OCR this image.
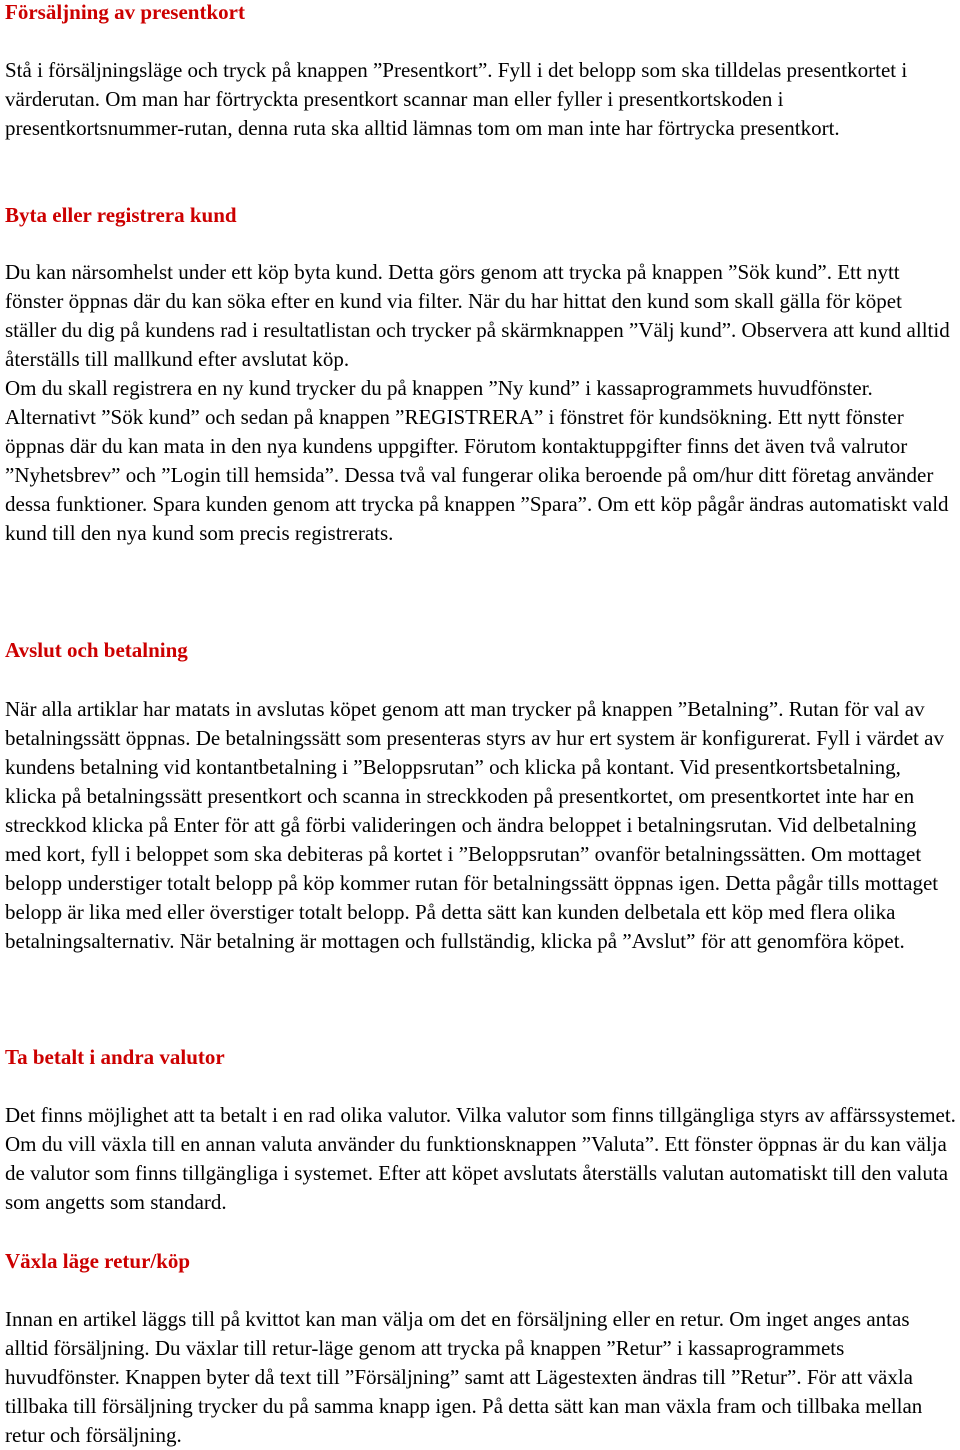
Försäljning av presentkort

Stå i försäljningsläge och tryck på knappen ”Presentkort”. Fyll i det belopp som ska tilldelas presentkortet i värderutan. Om man har förtryckta presentkort scannar man eller fyller i presentkortskoden i presentkortsnummer-rutan, denna ruta ska alltid lämnas tom om man inte har förtrycka presentkort.

Byta eller registrera kund

Du kan närsomhelst under ett köp byta kund. Detta görs genom att trycka på knappen ”Sök kund”. Ett nytt fönster öppnas där du kan söka efter en kund via filter. När du har hittat den kund som skall gälla för köpet ställer du dig på kundens rad i resultatlistan och trycker på skärmknappen ”Välj kund”. Observera att kund alltid återställs till mallkund efter avslutat köp.

Om du skall registrera en ny kund trycker du på knappen ”Ny kund” i kassaprogrammets huvudfönster. Alternativt ”Sök kund” och sedan på knappen ”REGISTRERA” i fönstret för kundsökning. Ett nytt fönster öppnas där du kan mata in den nya kundens uppgifter. Förutom kontaktuppgifter finns det även två valrutor ”Nyhetsbrev” och ”Login till hemsida”. Dessa två val fungerar olika beroende på om/hur ditt företag använder dessa funktioner. Spara kunden genom att trycka på knappen ”Spara”. Om ett köp pågår ändras automatiskt vald kund till den nya kund som precis registrerats.

Avslut och betalning

När alla artiklar har matats in avslutas köpet genom att man trycker på knappen ”Betalning”. Rutan för val av betalningssätt öppnas. De betalningssätt som presenteras styrs av hur ert system är konfigurerat. Fyll i värdet av kundens betalning vid kontantbetalning i ”Beloppsrutan” och klicka på kontant. Vid presentkortsbetalning, klicka på betalningssätt presentkort och scanna in streckkoden på presentkortet, om presentkortet inte har en streckkod klicka på Enter för att gå förbi valideringen och ändra beloppet i betalningsrutan. Vid delbetalning med kort, fyll i beloppet som ska debiteras på kortet i ”Beloppsrutan” ovanför betalningssätten. Om mottaget belopp understiger totalt belopp på köp kommer rutan för betalningssätt öppnas igen. Detta pågår tills mottaget belopp är lika med eller överstiger totalt belopp. På detta sätt kan kunden delbetala ett köp med flera olika betalningsalternativ. När betalning är mottagen och fullständig, klicka på ”Avslut” för att genomföra köpet.

Ta betalt i andra valutor

Det finns möjlighet att ta betalt i en rad olika valutor. Vilka valutor som finns tillgängliga styrs av affärssystemet. Om du vill växla till en annan valuta använder du funktionsknappen ”Valuta”. Ett fönster öppnas är du kan välja de valutor som finns tillgängliga i systemet. Efter att köpet avslutats återställs valutan automatiskt till den valuta som angetts som standard.

Växla läge retur/köp

Innan en artikel läggs till på kvittot kan man välja om det en försäljning eller en retur. Om inget anges antas alltid försäljning. Du växlar till retur-läge genom att trycka på knappen ”Retur” i kassaprogrammets huvudfönster. Knappen byter då text till ”Försäljning” samt att Lägestexten ändras till ”Retur”. För att växla tillbaka till försäljning trycker du på samma knapp igen. På detta sätt kan man växla fram och tillbaka mellan retur och försäljning.
